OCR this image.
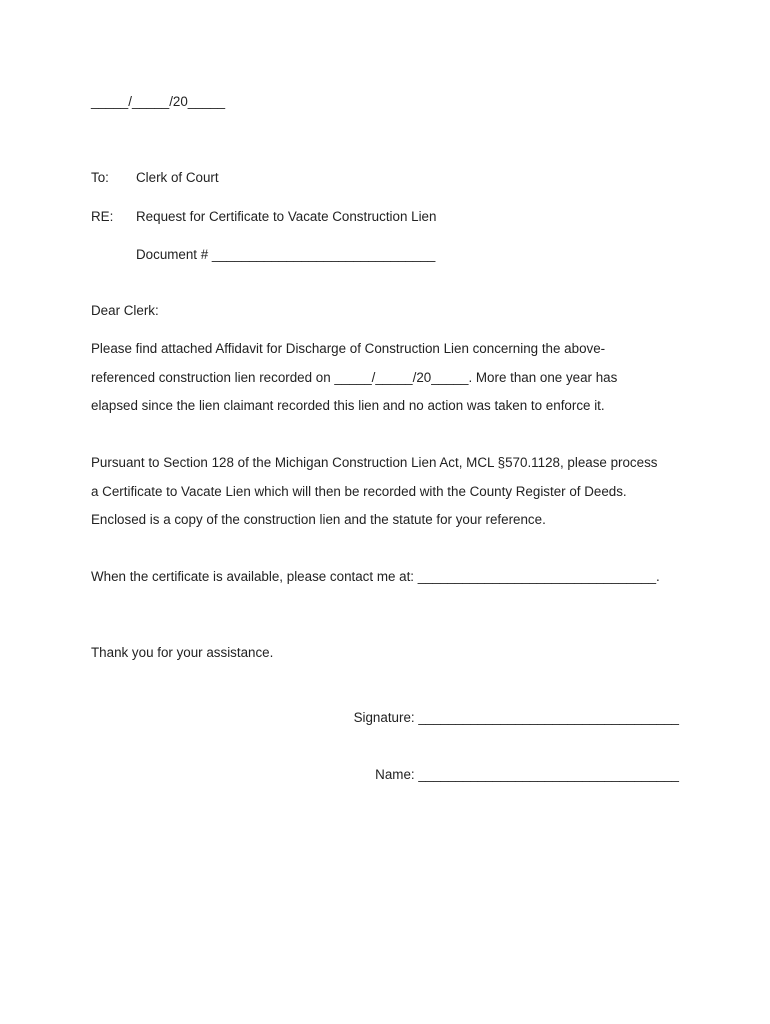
_____/_____/20_____
To: Clerk of Court
RE: Request for Certificate to Vacate Construction Lien
Document # ______________________________
Dear Clerk:
Please find attached Affidavit for Discharge of Construction Lien concerning the above-
referenced construction lien recorded on _____/_____/20_____. More than one year has
elapsed since the lien claimant recorded this lien and no action was taken to enforce it.
Pursuant to Section 128 of the Michigan Construction Lien Act, MCL §570.1128, please process
a Certificate to Vacate Lien which will then be recorded with the County Register of Deeds.
Enclosed is a copy of the construction lien and the statute for your reference.
When the certificate is available, please contact me at: ________________________________.
Thank you for your assistance.
Signature: ___________________________________
Name: ___________________________________
